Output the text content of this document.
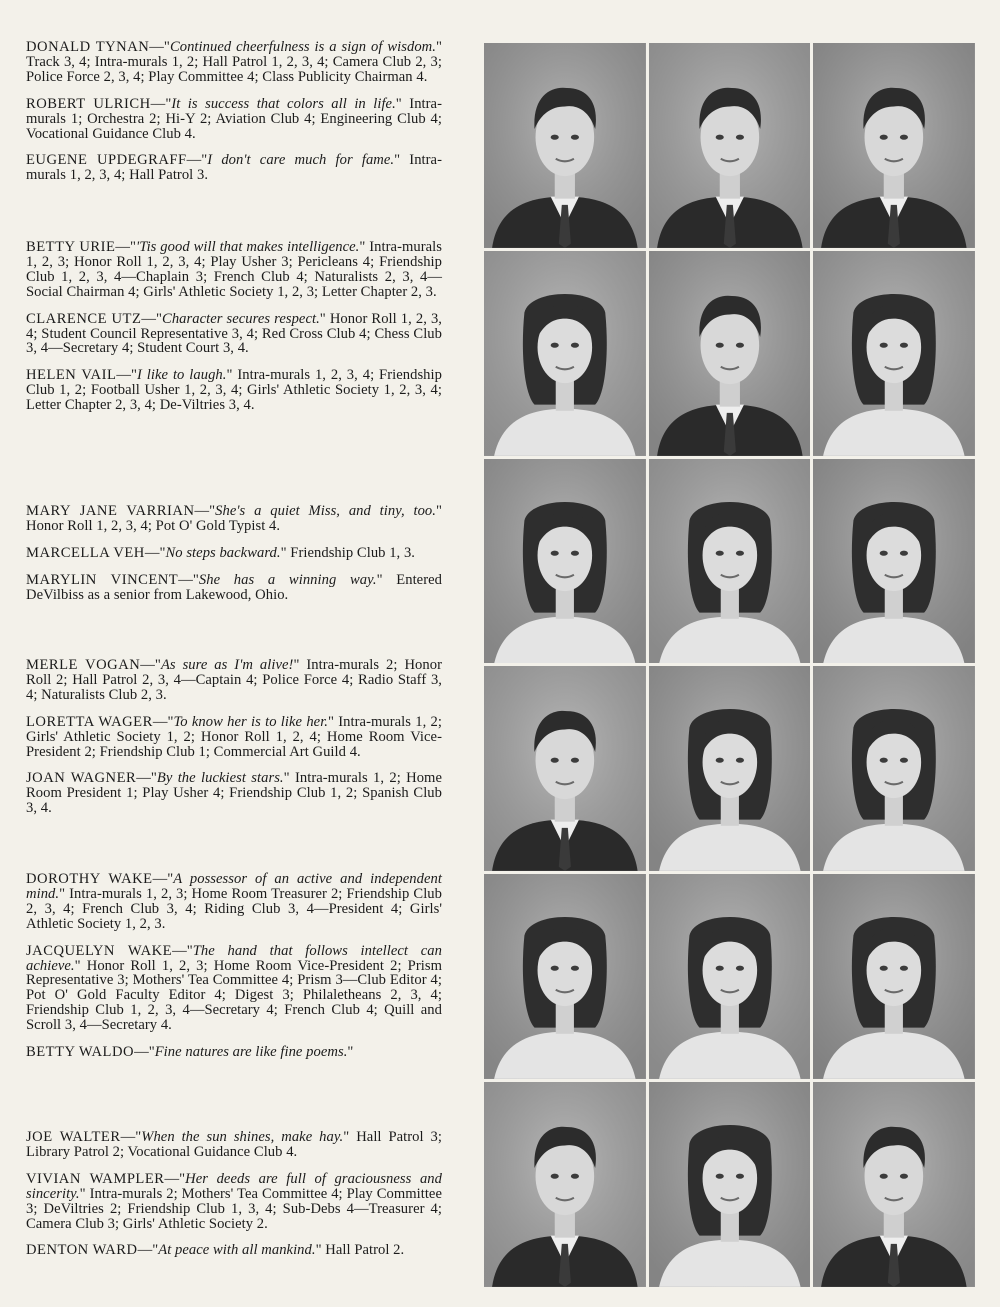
DONALD TYNAN—"Continued cheerfulness is a sign of wisdom." Track 3, 4; Intra-murals 1, 2; Hall Patrol 1, 2, 3, 4; Camera Club 2, 3; Police Force 2, 3, 4; Play Committee 4; Class Publicity Chairman 4.

ROBERT ULRICH—"It is success that colors all in life." Intra-murals 1; Orchestra 2; Hi-Y 2; Aviation Club 4; Engineering Club 4; Vocational Guidance Club 4.

EUGENE UPDEGRAFF—"I don't care much for fame." Intra-murals 1, 2, 3, 4; Hall Patrol 3.

BETTY URIE—"'Tis good will that makes intelligence." Intra-murals 1, 2, 3; Honor Roll 1, 2, 3, 4; Play Usher 3; Pericleans 4; Friendship Club 1, 2, 3, 4—Chaplain 3; French Club 4; Naturalists 2, 3, 4—Social Chairman 4; Girls' Athletic Society 1, 2, 3; Letter Chapter 2, 3.

CLARENCE UTZ—"Character secures respect." Honor Roll 1, 2, 3, 4; Student Council Representative 3, 4; Red Cross Club 4; Chess Club 3, 4—Secretary 4; Student Court 3, 4.

HELEN VAIL—"I like to laugh." Intra-murals 1, 2, 3, 4; Friendship Club 1, 2; Football Usher 1, 2, 3, 4; Girls' Athletic Society 1, 2, 3, 4; Letter Chapter 2, 3, 4; De-Viltries 3, 4.

MARY JANE VARRIAN—"She's a quiet Miss, and tiny, too." Honor Roll 1, 2, 3, 4; Pot O' Gold Typist 4.

MARCELLA VEH—"No steps backward." Friendship Club 1, 3.

MARYLIN VINCENT—"She has a winning way." Entered DeVilbiss as a senior from Lakewood, Ohio.

MERLE VOGAN—"As sure as I'm alive!" Intra-murals 2; Honor Roll 2; Hall Patrol 2, 3, 4—Captain 4; Police Force 4; Radio Staff 3, 4; Naturalists Club 2, 3.

LORETTA WAGER—"To know her is to like her." Intra-murals 1, 2; Girls' Athletic Society 1, 2; Honor Roll 1, 2, 4; Home Room Vice-President 2; Friendship Club 1; Commercial Art Guild 4.

JOAN WAGNER—"By the luckiest stars." Intra-murals 1, 2; Home Room President 1; Play Usher 4; Friendship Club 1, 2; Spanish Club 3, 4.

DOROTHY WAKE—"A possessor of an active and independent mind." Intra-murals 1, 2, 3; Home Room Treasurer 2; Friendship Club 2, 3, 4; French Club 3, 4; Riding Club 3, 4—President 4; Girls' Athletic Society 1, 2, 3.

JACQUELYN WAKE—"The hand that follows intellect can achieve." Honor Roll 1, 2, 3; Home Room Vice-President 2; Prism Representative 3; Mothers' Tea Committee 4; Prism 3—Club Editor 4; Pot O' Gold Faculty Editor 4; Digest 3; Philaletheans 2, 3, 4; Friendship Club 1, 2, 3, 4—Secretary 4; French Club 4; Quill and Scroll 3, 4—Secretary 4.

BETTY WALDO—"Fine natures are like fine poems."

JOE WALTER—"When the sun shines, make hay." Hall Patrol 3; Library Patrol 2; Vocational Guidance Club 4.

VIVIAN WAMPLER—"Her deeds are full of graciousness and sincerity." Intra-murals 2; Mothers' Tea Committee 4; Play Committee 3; DeViltries 2; Friendship Club 1, 3, 4; Sub-Debs 4—Treasurer 4; Camera Club 3; Girls' Athletic Society 2.

DENTON WARD—"At peace with all mankind." Hall Patrol 2.
